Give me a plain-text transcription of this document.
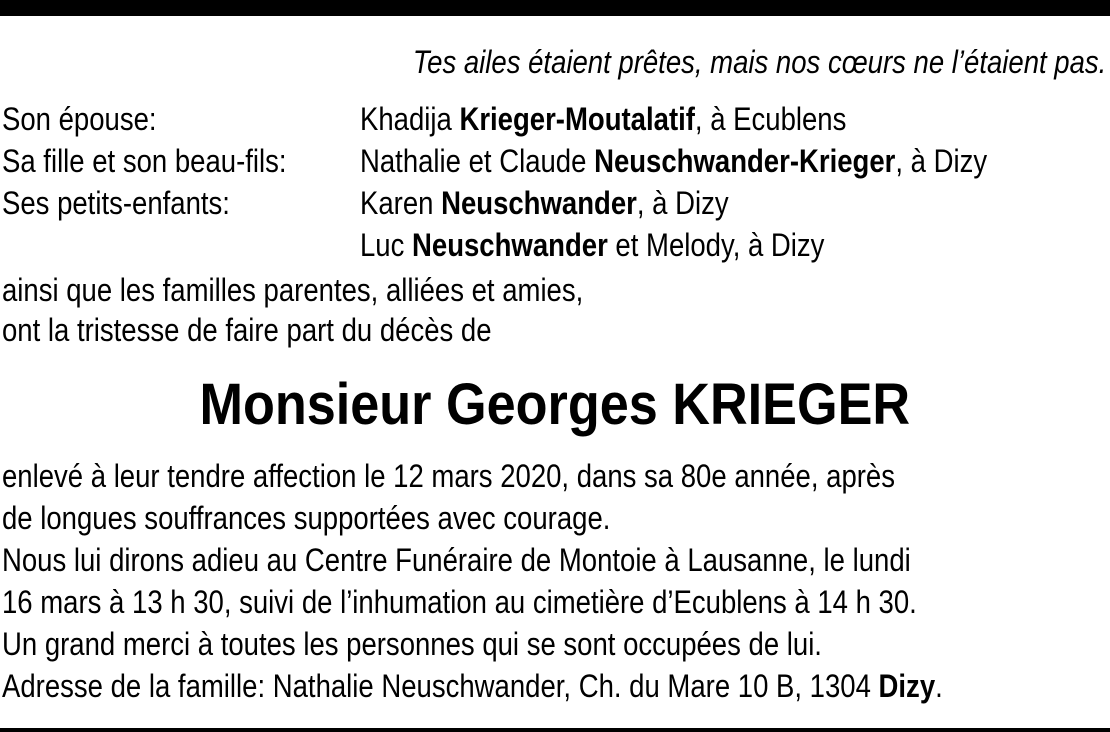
Tes ailes étaient prêtes, mais nos cœurs ne l’étaient pas.
Son épouse:	Khadija Krieger-Moutalatif, à Ecublens
Sa fille et son beau-fils: Nathalie et Claude Neuschwander-Krieger, à Dizy
Ses petits-enfants:	Karen Neuschwander, à Dizy
Luc Neuschwander et Melody, à Dizy
ainsi que les familles parentes, alliées et amies,
ont la tristesse de faire part du décès de
Monsieur Georges KRIEGER
enlevé à leur tendre affection le 12 mars 2020, dans sa 80e année, après
de longues souffrances supportées avec courage.
Nous lui dirons adieu au Centre Funéraire de Montoie à Lausanne, le lundi
16 mars à 13 h 30, suivi de l’inhumation au cimetière d’Ecublens à 14 h 30.
Un grand merci à toutes les personnes qui se sont occupées de lui.
Adresse de la famille: Nathalie Neuschwander, Ch. du Mare 10 B, 1304 Dizy.
